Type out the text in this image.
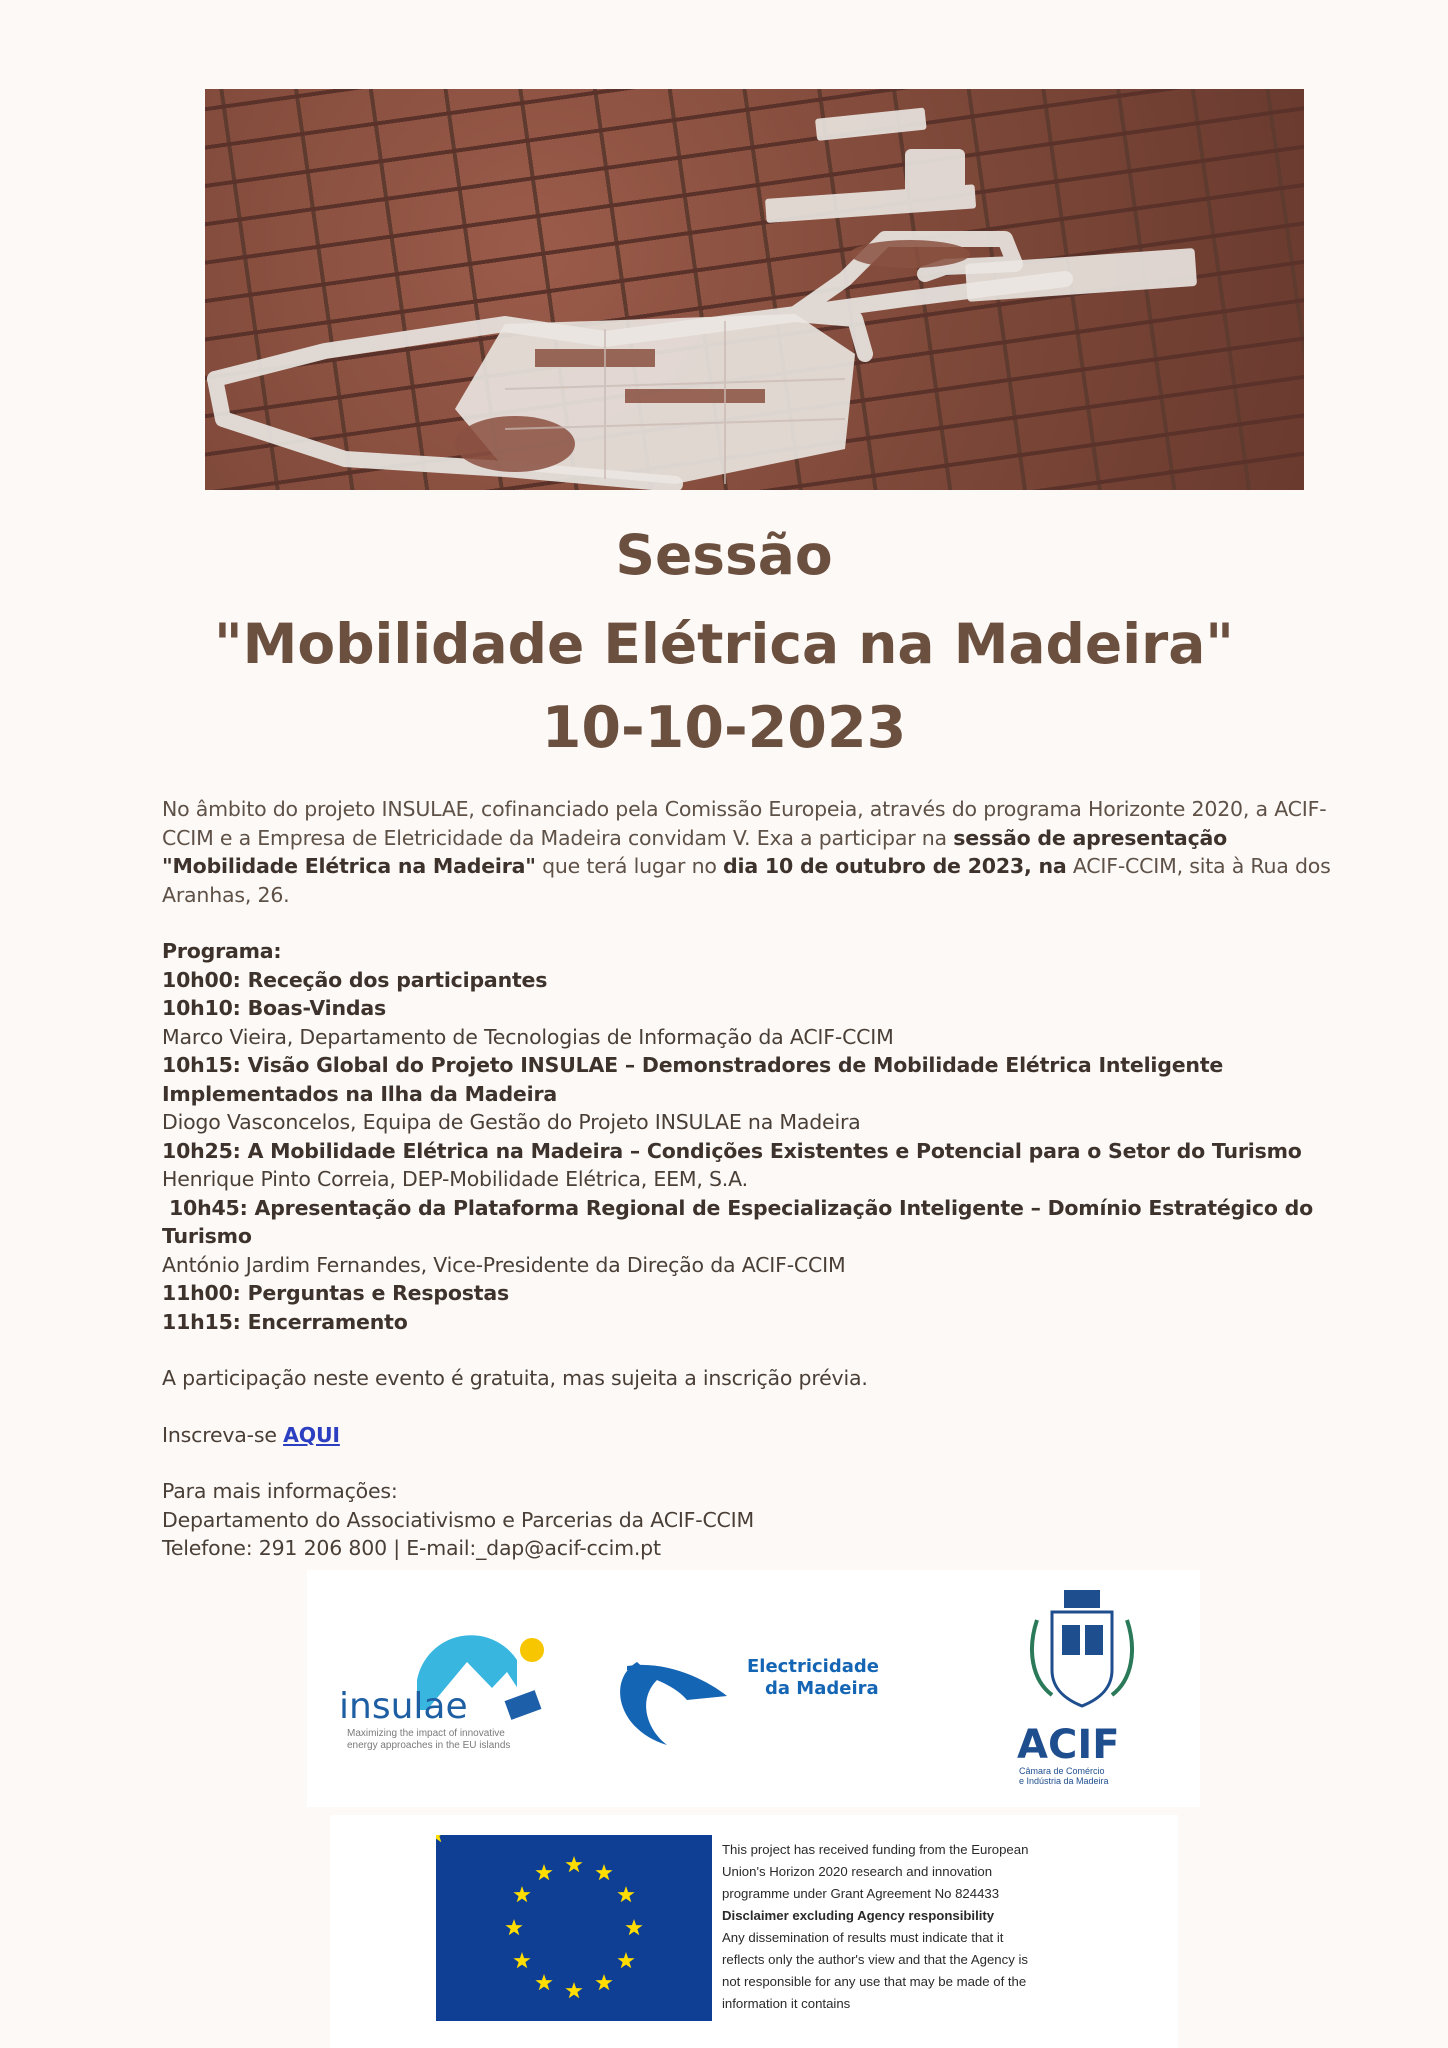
Sessão
"Mobilidade Elétrica na Madeira"
10-10-2023
No âmbito do projeto INSULAE, cofinanciado pela Comissão Europeia, através do programa Horizonte 2020, a ACIF-CCIM e a Empresa de Eletricidade da Madeira convidam V. Exa a participar na sessão de apresentação "Mobilidade Elétrica na Madeira" que terá lugar no dia 10 de outubro de 2023, na ACIF-CCIM, sita à Rua dos Aranhas, 26.
Programa:
10h00: Receção dos participantes
10h10: Boas-Vindas
Marco Vieira, Departamento de Tecnologias de Informação da ACIF-CCIM
10h15: Visão Global do Projeto INSULAE – Demonstradores de Mobilidade Elétrica Inteligente Implementados na Ilha da Madeira
Diogo Vasconcelos, Equipa de Gestão do Projeto INSULAE na Madeira
10h25: A Mobilidade Elétrica na Madeira – Condições Existentes e Potencial para o Setor do Turismo
Henrique Pinto Correia, DEP-Mobilidade Elétrica, EEM, S.A.
10h45: Apresentação da Plataforma Regional de Especialização Inteligente – Domínio Estratégico do Turismo
António Jardim Fernandes, Vice-Presidente da Direção da ACIF-CCIM
11h00: Perguntas e Respostas
11h15: Encerramento
A participação neste evento é gratuita, mas sujeita a inscrição prévia.
Inscreva-se AQUI
Para mais informações:
Departamento do Associativismo e Parcerias da ACIF-CCIM
Telefone: 291 206 800 | E-mail:_dap@acif-ccim.pt
insulae
Maximizing the impact of innovative
energy approaches in the EU islands
Electricidade
da Madeira
ACIF
Câmara de Comércio
e Indústria da Madeira
This project has received funding from the European
Union's Horizon 2020 research and innovation
programme under Grant Agreement No 824433
Disclaimer excluding Agency responsibility
Any dissemination of results must indicate that it
reflects only the author's view and that the Agency is
not responsible for any use that may be made of the
information it contains
